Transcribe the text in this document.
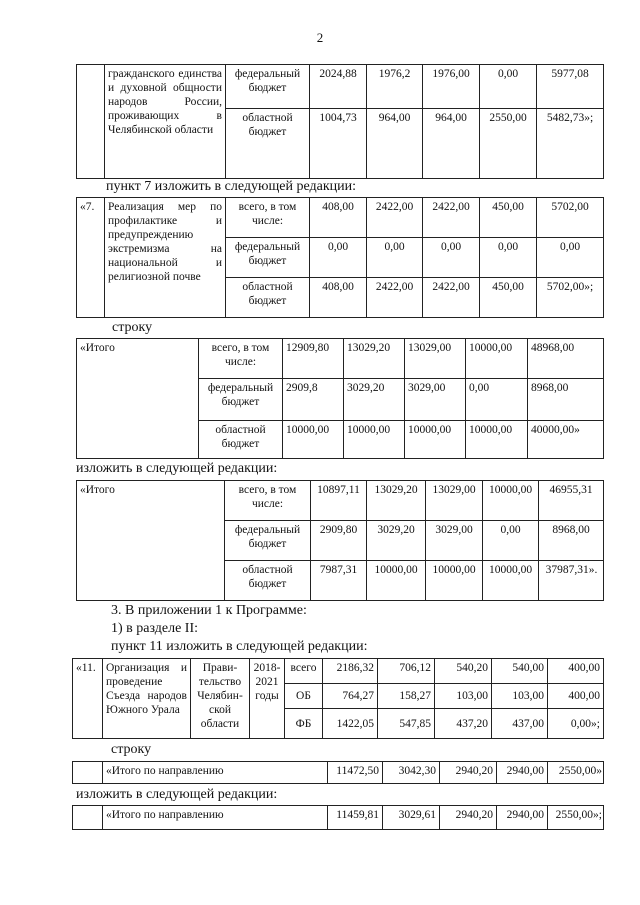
2
	гражданского единства и духовной общности народов России, проживающих в Челябинской области	федеральный бюджет	2024,88	1976,2	1976,00	0,00	5977,08
		областной бюджет	1004,73	964,00	964,00	2550,00	5482,73»;
пункт 7 изложить в следующей редакции:
«7.	Реализация мер по профилактике и предупреждению экстремизма на национальной и религиозной почве	всего, в том числе:	408,00	2422,00	2422,00	450,00	5702,00
		федеральный бюджет	0,00	0,00	0,00	0,00	0,00
		областной бюджет	408,00	2422,00	2422,00	450,00	5702,00»;
строку
«Итого	всего, в том числе:	12909,80	13029,20	13029,00	10000,00	48968,00
	федеральный бюджет	2909,8	3029,20	3029,00	0,00	8968,00
	областной бюджет	10000,00	10000,00	10000,00	10000,00	40000,00»
изложить в следующей редакции:
«Итого	всего, в том числе:	10897,11	13029,20	13029,00	10000,00	46955,31
	федеральный бюджет	2909,80	3029,20	3029,00	0,00	8968,00
	областной бюджет	7987,31	10000,00	10000,00	10000,00	37987,31».
3. В приложении 1 к Программе:
1) в разделе II:
пункт 11 изложить в следующей редакции:
«11.	Организация и проведение Съезда народов Южного Урала	Прави-тельство Челябин-ской области	2018-2021 годы	всего	2186,32	706,12	540,20	540,00	400,00
				ОБ	764,27	158,27	103,00	103,00	400,00
				ФБ	1422,05	547,85	437,20	437,00	0,00»;
строку
	«Итого по направлению	11472,50	3042,30	2940,20	2940,00	2550,00»
изложить в следующей редакции:
	«Итого по направлению	11459,81	3029,61	2940,20	2940,00	2550,00»;
